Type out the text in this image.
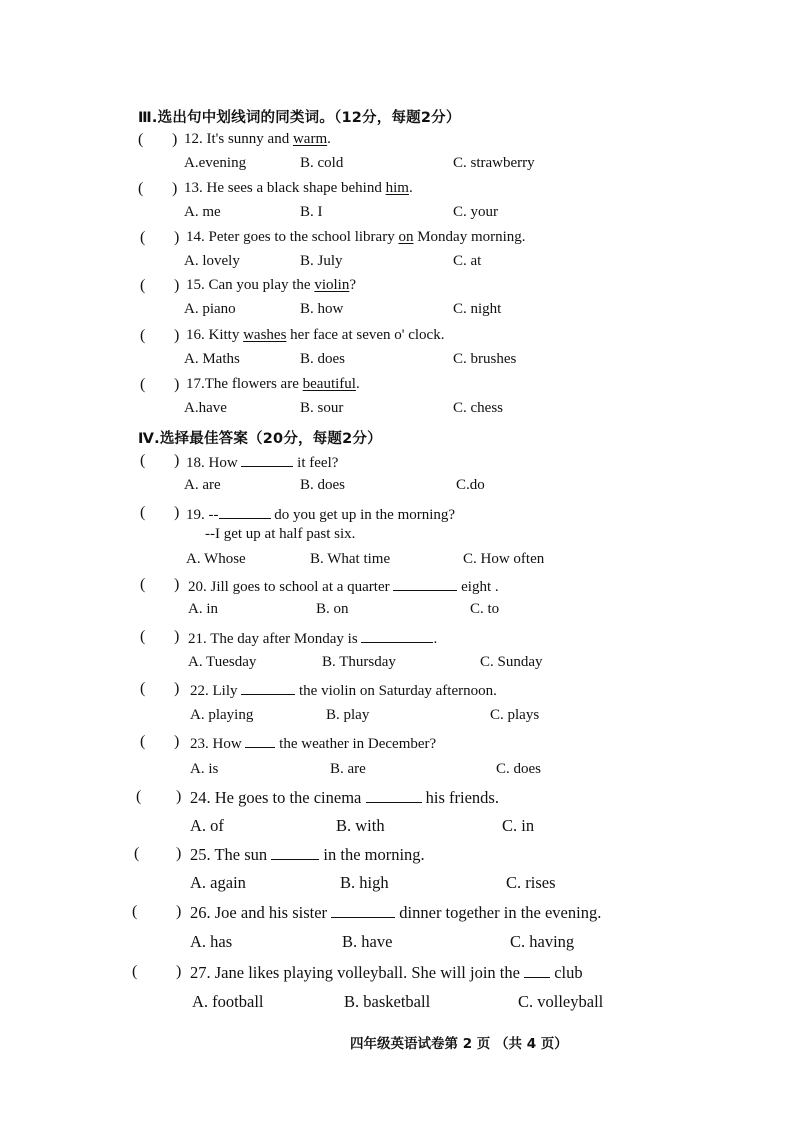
Ⅲ.选出句中划线词的同类词。（12分，每题2分）
Ⅳ.选择最佳答案（20分，每题2分）
( ) 12. It's sunny and warm.
A.evening	B. cold	C. strawberry
( ) 13. He sees a black shape behind him.
A. me	B. I	C. your
( ) 14. Peter goes to the school library on Monday morning.
A. lovely	B. July	C. at
( ) 15. Can you play the violin?
A. piano	B. how	C. night
( ) 16. Kitty washes her face at seven o' clock.
A. Maths	B. does	C. brushes
( ) 17.The flowers are beautiful.
A.have	B. sour	C. chess
( ) 18. How	it feel?
A. are	B. does	C.do
( ) 19. --	do you get up in the morning?
--I get up at half past six.
A. Whose	B. What time	C. How often
( ) 20. Jill goes to school at a quarter	eight .
A. in	B. on	C. to
( ) 21. The day after Monday is	.
A. Tuesday	B. Thursday	C. Sunday
( ) 22. Lily	the violin on Saturday afternoon.
A. playing	B. play	C. plays
( ) 23. How  the weather in December?
A. is	B. are	C. does
( ) 24. He goes to the cinema	his friends.
A. of	B. with	C. in
( ) 25. The sun	in the morning.
A. again	B. high	C. rises
( ) 26. Joe and his sister	dinner together in the evening.
A. has	B. have	C. having
( ) 27. Jane likes playing volleyball. She will join the  club
A. football	B. basketball	C. volleyball
四年级英语试卷第 2 页 （共 4 页）
